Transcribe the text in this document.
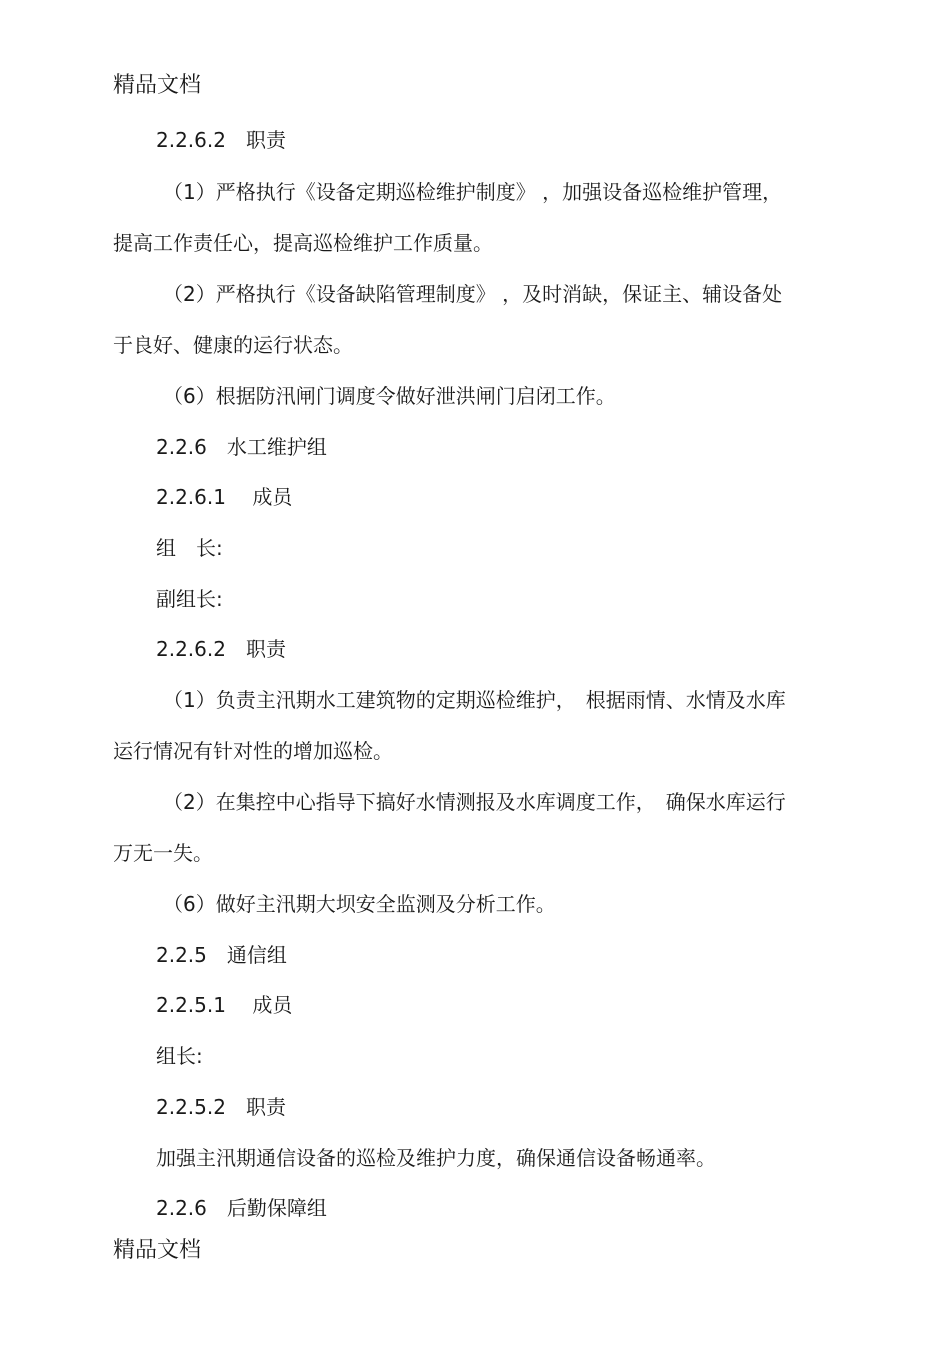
精品文档
2.2.6.2　职责
（1）严格执行《设备定期巡检维护制度》 ，加强设备巡检维护管理，
提高工作责任心，提高巡检维护工作质量。
（2）严格执行《设备缺陷管理制度》 ，及时消缺，保证主、辅设备处
于良好、健康的运行状态。
（6）根据防汛闸门调度令做好泄洪闸门启闭工作。
2.2.6　水工维护组
2.2.6.1　 成员
组　长:
副组长:
2.2.6.2　职责
（1）负责主汛期水工建筑物的定期巡检维护，　根据雨情、水情及水库
运行情况有针对性的增加巡检。
（2）在集控中心指导下搞好水情测报及水库调度工作，　确保水库运行
万无一失。
（6）做好主汛期大坝安全监测及分析工作。
2.2.5　通信组
2.2.5.1　 成员
组长:
2.2.5.2　职责
加强主汛期通信设备的巡检及维护力度，确保通信设备畅通率。
2.2.6　后勤保障组
精品文档
